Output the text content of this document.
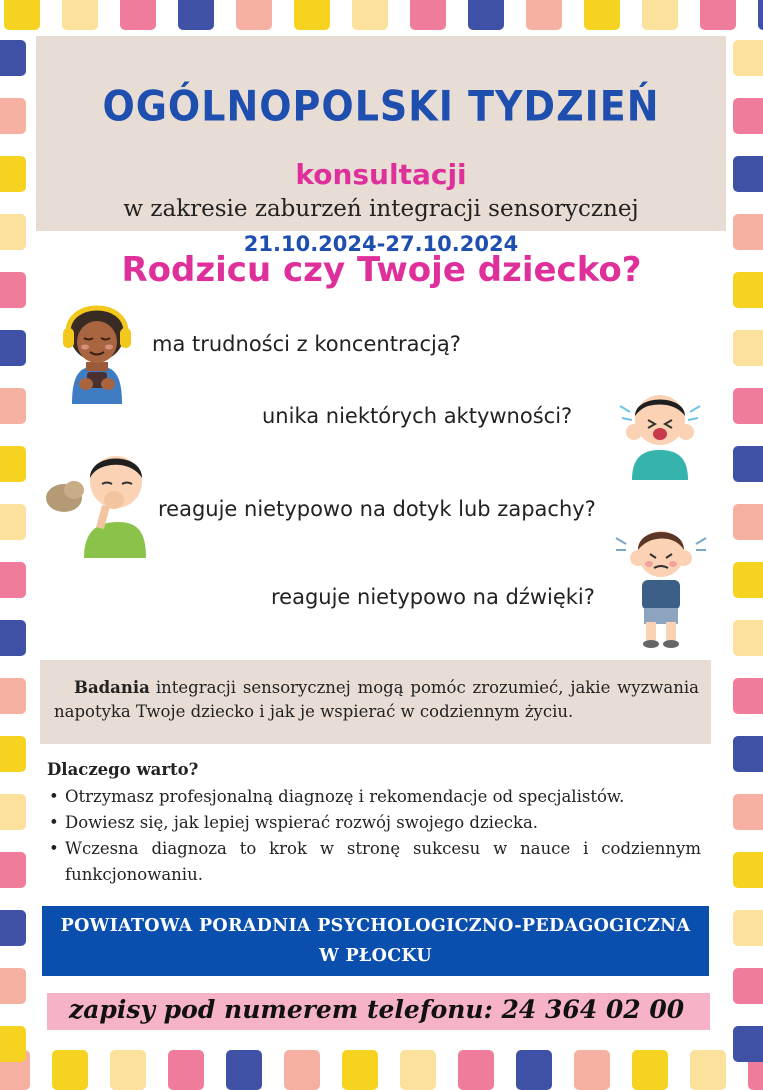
OGÓLNOPOLSKI TYDZIEŃ
konsultacji
w zakresie zaburzeń integracji sensorycznej
21.10.2024-27.10.2024
Rodzicu czy Twoje dziecko?
ma trudności z koncentracją?
unika niektórych aktywności?
reaguje nietypowo na dotyk lub zapachy?
reaguje nietypowo na dźwięki?
Badania integracji sensorycznej mogą pomóc zrozumieć, jakie wyzwania napotyka Twoje dziecko i jak je wspierać w codziennym życiu.
Dlaczego warto?
• Otrzymasz profesjonalną diagnozę i rekomendacje od specjalistów.
• Dowiesz się, jak lepiej wspierać rozwój swojego dziecka.
• Wczesna diagnoza to krok w stronę sukcesu w nauce i codziennym funkcjonowaniu.
POWIATOWA PORADNIA PSYCHOLOGICZNO-PEDAGOGICZNA
W PŁOCKU
zapisy pod numerem telefonu: 24 364 02 00
